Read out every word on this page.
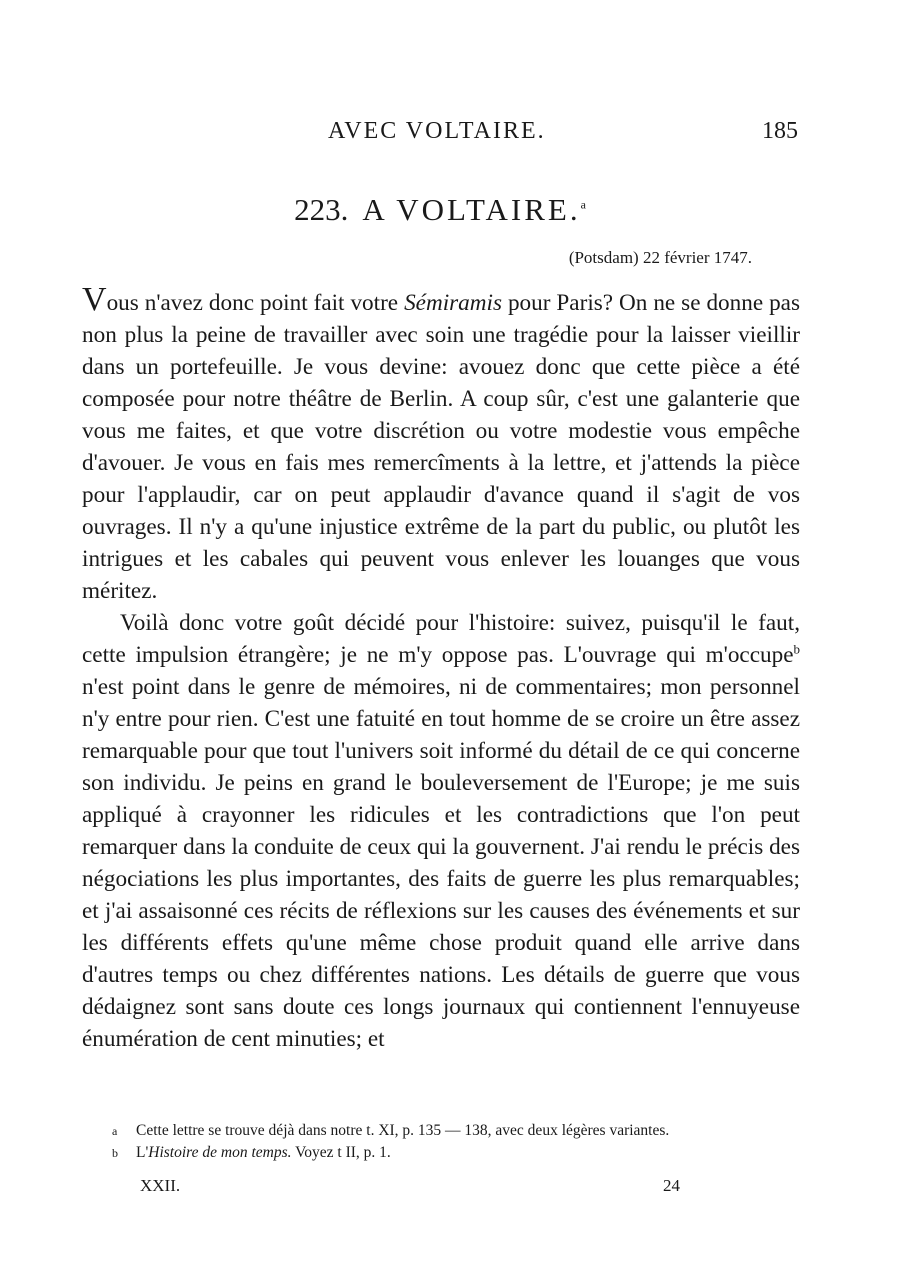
AVEC VOLTAIRE.	185
223. A VOLTAIRE.$^a$
(Potsdam) 22 février 1747.

Vous n'avez donc point fait votre Sémiramis pour Paris? On ne se donne pas non plus la peine de travailler avec soin une tragédie pour la laisser vieillir dans un portefeuille. Je vous devine: avouez donc que cette pièce a été composée pour notre théâtre de Berlin. A coup sûr, c'est une galanterie que vous me faites, et que votre discrétion ou votre modestie vous empêche d'avouer. Je vous en fais mes remercîments à la lettre, et j'attends la pièce pour l'applaudir, car on peut applaudir d'avance quand il s'agit de vos ouvrages. Il n'y a qu'une injustice extrême de la part du public, ou plutôt les intrigues et les cabales qui peuvent vous enlever les louanges que vous méritez.

Voilà donc votre goût décidé pour l'histoire: suivez, puisqu'il le faut, cette impulsion étrangère; je ne m'y oppose pas. L'ouvrage qui m'occupe$^b$ n'est point dans le genre de mémoires, ni de commentaires; mon personnel n'y entre pour rien. C'est une fatuité en tout homme de se croire un être assez remarquable pour que tout l'univers soit informé du détail de ce qui concerne son individu. Je peins en grand le bouleversement de l'Europe; je me suis appliqué à crayonner les ridicules et les contradictions que l'on peut remarquer dans la conduite de ceux qui la gouvernent. J'ai rendu le précis des négociations les plus importantes, des faits de guerre les plus remarquables; et j'ai assaisonné ces récits de réflexions sur les causes des événements et sur les différents effets qu'une même chose produit quand elle arrive dans d'autres temps ou chez différentes nations. Les détails de guerre que vous dédaignez sont sans doute ces longs journaux qui contiennent l'ennuyeuse énumération de cent minuties; et

a	Cette lettre se trouve déjà dans notre t. XI, p. 135 — 138, avec deux légères variantes.
b	L'Histoire de mon temps. Voyez t II, p. 1.
XXII.	24
